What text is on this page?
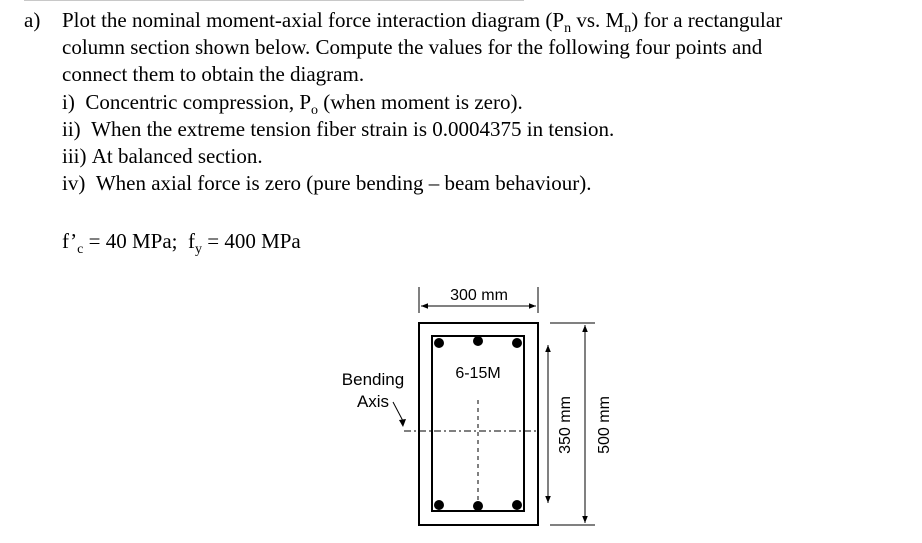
a) Plot the nominal moment-axial force interaction diagram ($P_n$ vs. $M_n$) for a rectangular
column section shown below. Compute the values for the following four points and
connect them to obtain the diagram.
i) Concentric compression, $P_o$ (when moment is zero).
ii) When the extreme tension fiber strain is 0.0004375 in tension.
iii) At balanced section.
iv) When axial force is zero (pure bending – beam behaviour).
$f’_c = 40$ MPa; $f_y = 400$ MPa
300 mm
6-15M
Bending
Axis	350 mm 500 mm
